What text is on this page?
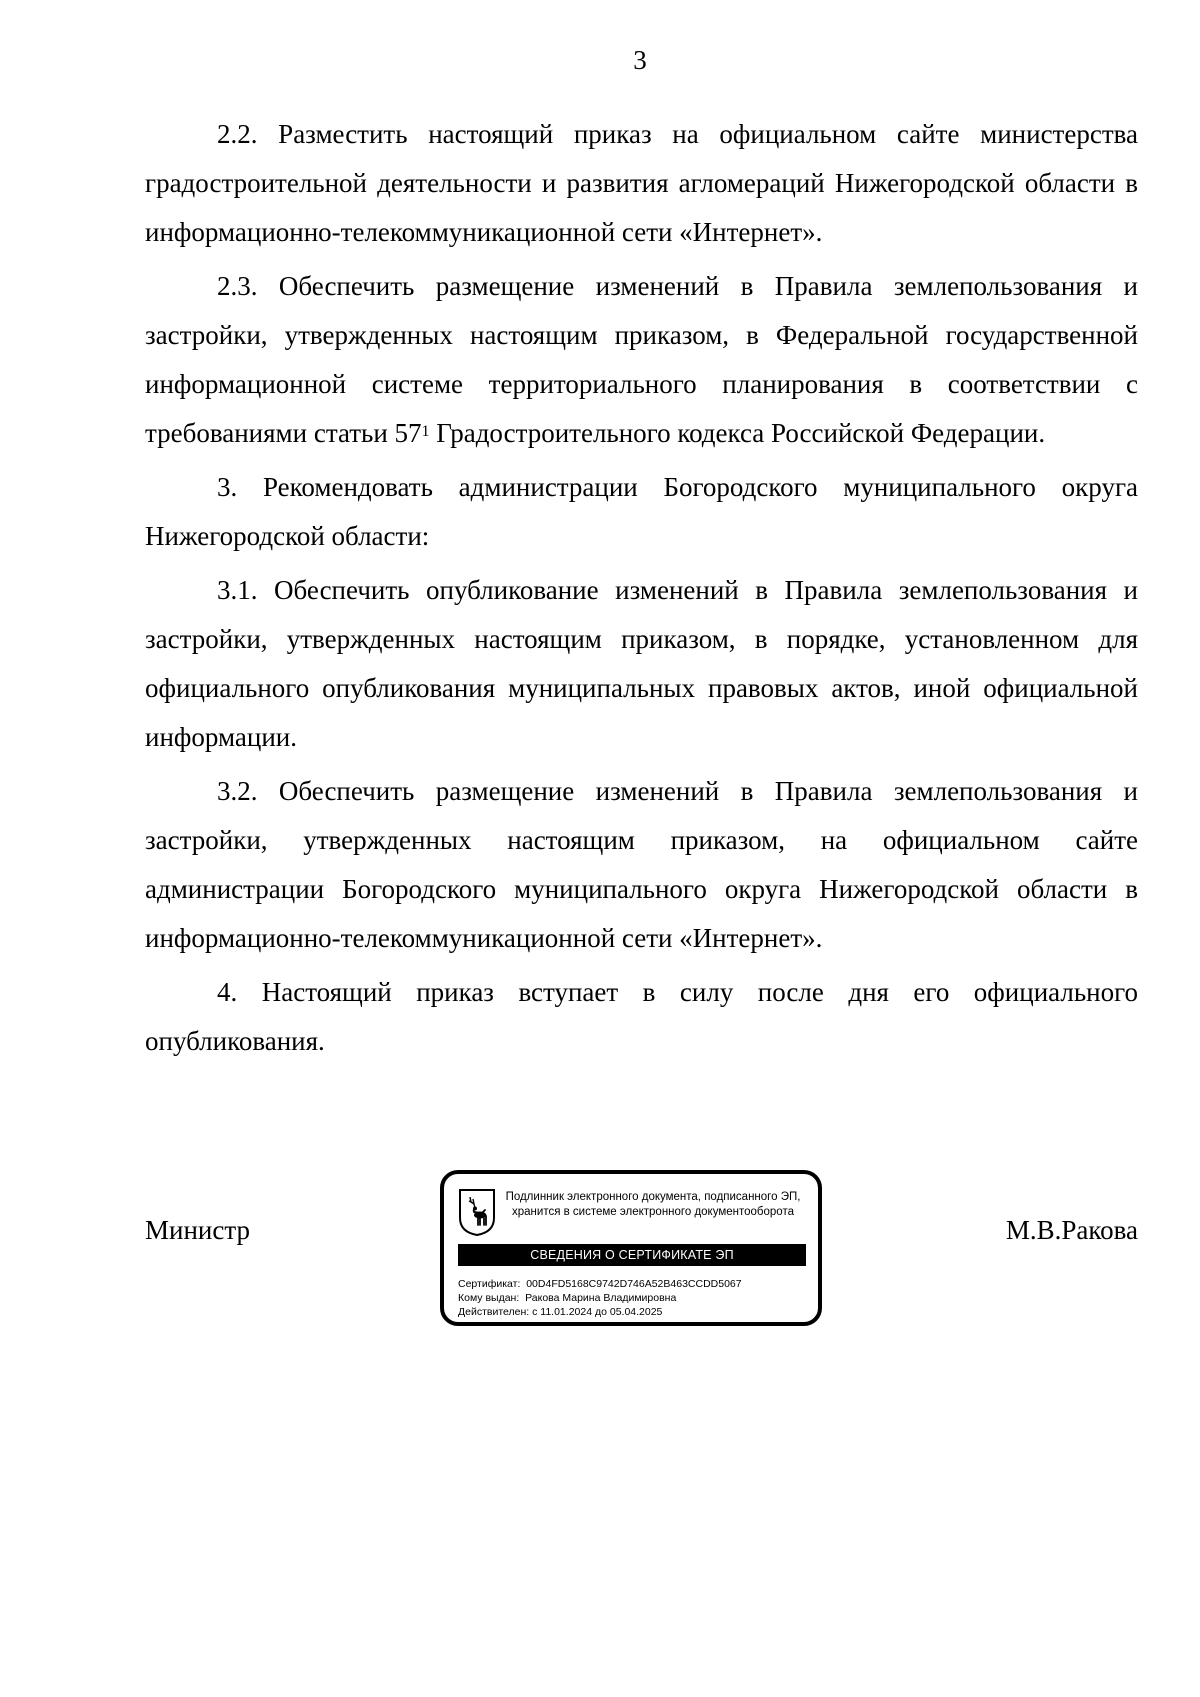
3

2.2. Разместить настоящий приказ на официальном сайте министерства градостроительной деятельности и развития агломераций Нижегородской области в информационно-телекоммуникационной сети «Интернет».

2.3. Обеспечить размещение изменений в Правила землепользования и застройки, утвержденных настоящим приказом, в Федеральной государственной информационной системе территориального планирования в соответствии с требованиями статьи $57^1$ Градостроительного кодекса Российской Федерации.

3. Рекомендовать администрации Богородского муниципального округа Нижегородской области:

3.1. Обеспечить опубликование изменений в Правила землепользования и застройки, утвержденных настоящим приказом, в порядке, установленном для официального опубликования муниципальных правовых актов, иной официальной информации.

3.2. Обеспечить размещение изменений в Правила землепользования и застройки, утвержденных настоящим приказом, на официальном сайте администрации Богородского муниципального округа Нижегородской области в информационно-телекоммуникационной сети «Интернет».

4. Настоящий приказ вступает в силу после дня его официального опубликования.

Министр
Подлинник электронного документа, подписанного ЭП,
хранится в системе электронного документооборота
СВЕДЕНИЯ О СЕРТИФИКАТЕ ЭП
Сертификат: 00D4FD5168C9742D746A52B463CCDD5067
Кому выдан: Ракова Марина Владимировна
Действителен: с 11.01.2024 до 05.04.2025
М.В.Ракова
